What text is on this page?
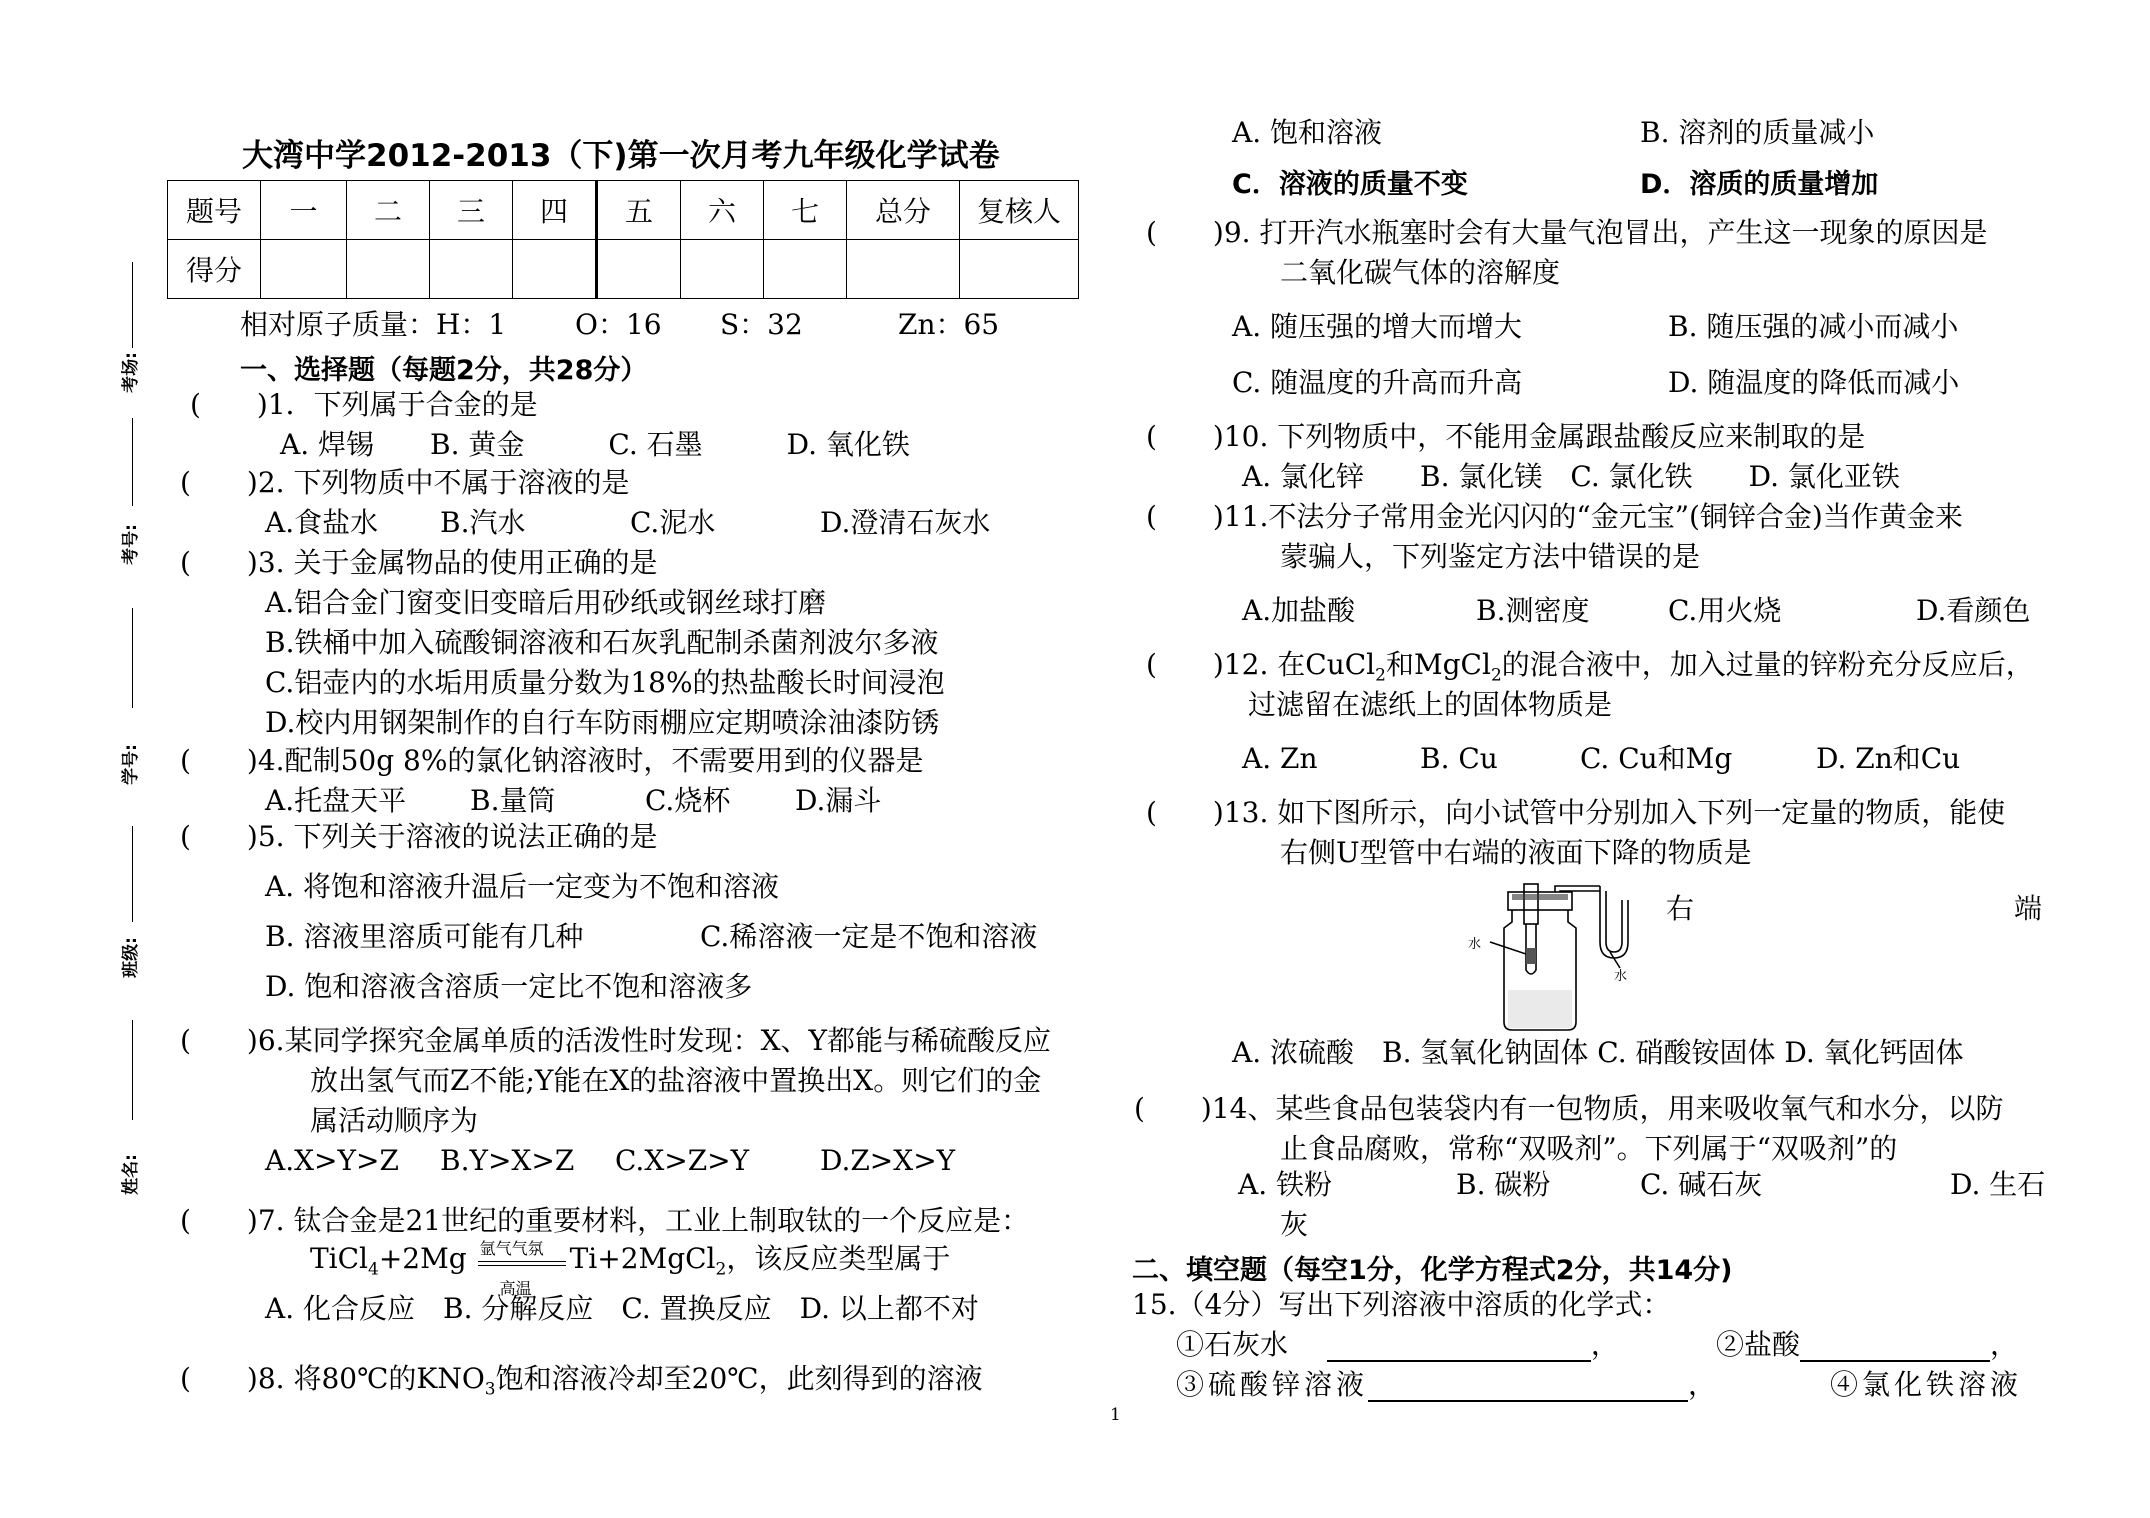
大湾中学2012-2013（下)第一次月考九年级化学试卷
题号	一	二	三	四	五	六	七	总分	复核人
得分									
考场:
考号:
学号:
班级:
姓名:
相对原子质量：H：1 O：16 S：32	Zn：65
一、选择题（每题2分，共28分）
(　　)1．下列属于合金的是
A. 焊锡　　B. 黄金　　　C. 石墨　　　D. 氧化铁
(　　)2. 下列物质中不属于溶液的是
A.食盐水 B.汽水	C.泥水	D.澄清石灰水
(　　)3. 关于金属物品的使用正确的是
A.铝合金门窗变旧变暗后用砂纸或钢丝球打磨
B.铁桶中加入硫酸铜溶液和石灰乳配制杀菌剂波尔多液
C.铝壶内的水垢用质量分数为18%的热盐酸长时间浸泡
D.校内用钢架制作的自行车防雨棚应定期喷涂油漆防锈
(　　)4.配制50g 8%的氯化钠溶液时，不需要用到的仪器是
A.托盘天平 B.量筒	C.烧杯 D.漏斗
(　　)5. 下列关于溶液的说法正确的是
A. 将饱和溶液升温后一定变为不饱和溶液
B. 溶液里溶质可能有几种	C.稀溶液一定是不饱和溶液
D. 饱和溶液含溶质一定比不饱和溶液多
(　　)6.某同学探究金属单质的活泼性时发现：X、Y都能与稀硫酸反应
放出氢气而Z不能;Y能在X的盐溶液中置换出X。则它们的金
属活动顺序为
A.X>Y>Z B.Y>X>Z C.X>Z>Y	D.Z>X>Y
(　　)7. 钛合金是21世纪的重要材料，工业上制取钛的一个反应是：
TiCl$_4$+2Mg 氩气气氛
高温
Ti+2MgCl$_2$，该反应类型属于
A. 化合反应　B. 分解反应　C. 置换反应　D. 以上都不对
(　　)8. 将80℃的$KNO_3$饱和溶液冷却至20℃，此刻得到的溶液
A. 饱和溶液	B. 溶剂的质量减小
C．溶液的质量不变	D．溶质的质量增加
(　　)9. 打开汽水瓶塞时会有大量气泡冒出，产生这一现象的原因是
二氧化碳气体的溶解度
A. 随压强的增大而增大	B. 随压强的减小而减小
C. 随温度的升高而升高	D. 随温度的降低而减小
(　　)10. 下列物质中，不能用金属跟盐酸反应来制取的是
A. 氯化锌　　B. 氯化镁　C. 氯化铁　　D. 氯化亚铁
(　　)11.不法分子常用金光闪闪的“金元宝”(铜锌合金)当作黄金来
蒙骗人，下列鉴定方法中错误的是
A.加盐酸	B.测密度	C.用火烧	D.看颜色
(　　)12. 在CuCl$_2$和MgCl$_2$的混合液中，加入过量的锌粉充分反应后，
过滤留在滤纸上的固体物质是
A. Zn	B. Cu	C. Cu和Mg	D. Zn和Cu
(　　)13. 如下图所示，向小试管中分别加入下列一定量的物质，能使
右侧U型管中右端的液面下降的物质是
右	端
水
水
A. 浓硫酸　B. 氢氧化钠固体 C. 硝酸铵固体 D. 氧化钙固体
(　　)14、某些食品包装袋内有一包物质，用来吸收氧气和水分，以防
止食品腐败，常称“双吸剂”。下列属于“双吸剂”的
A. 铁粉	B. 碳粉	C. 碱石灰	D. 生石
灰
二、填空题（每空1分，化学方程式2分，共14分)
15.（4分）写出下列溶液中溶质的化学式：
①石灰水	，	②盐酸	，
③硫酸锌溶液	，	④氯化铁溶液
1
